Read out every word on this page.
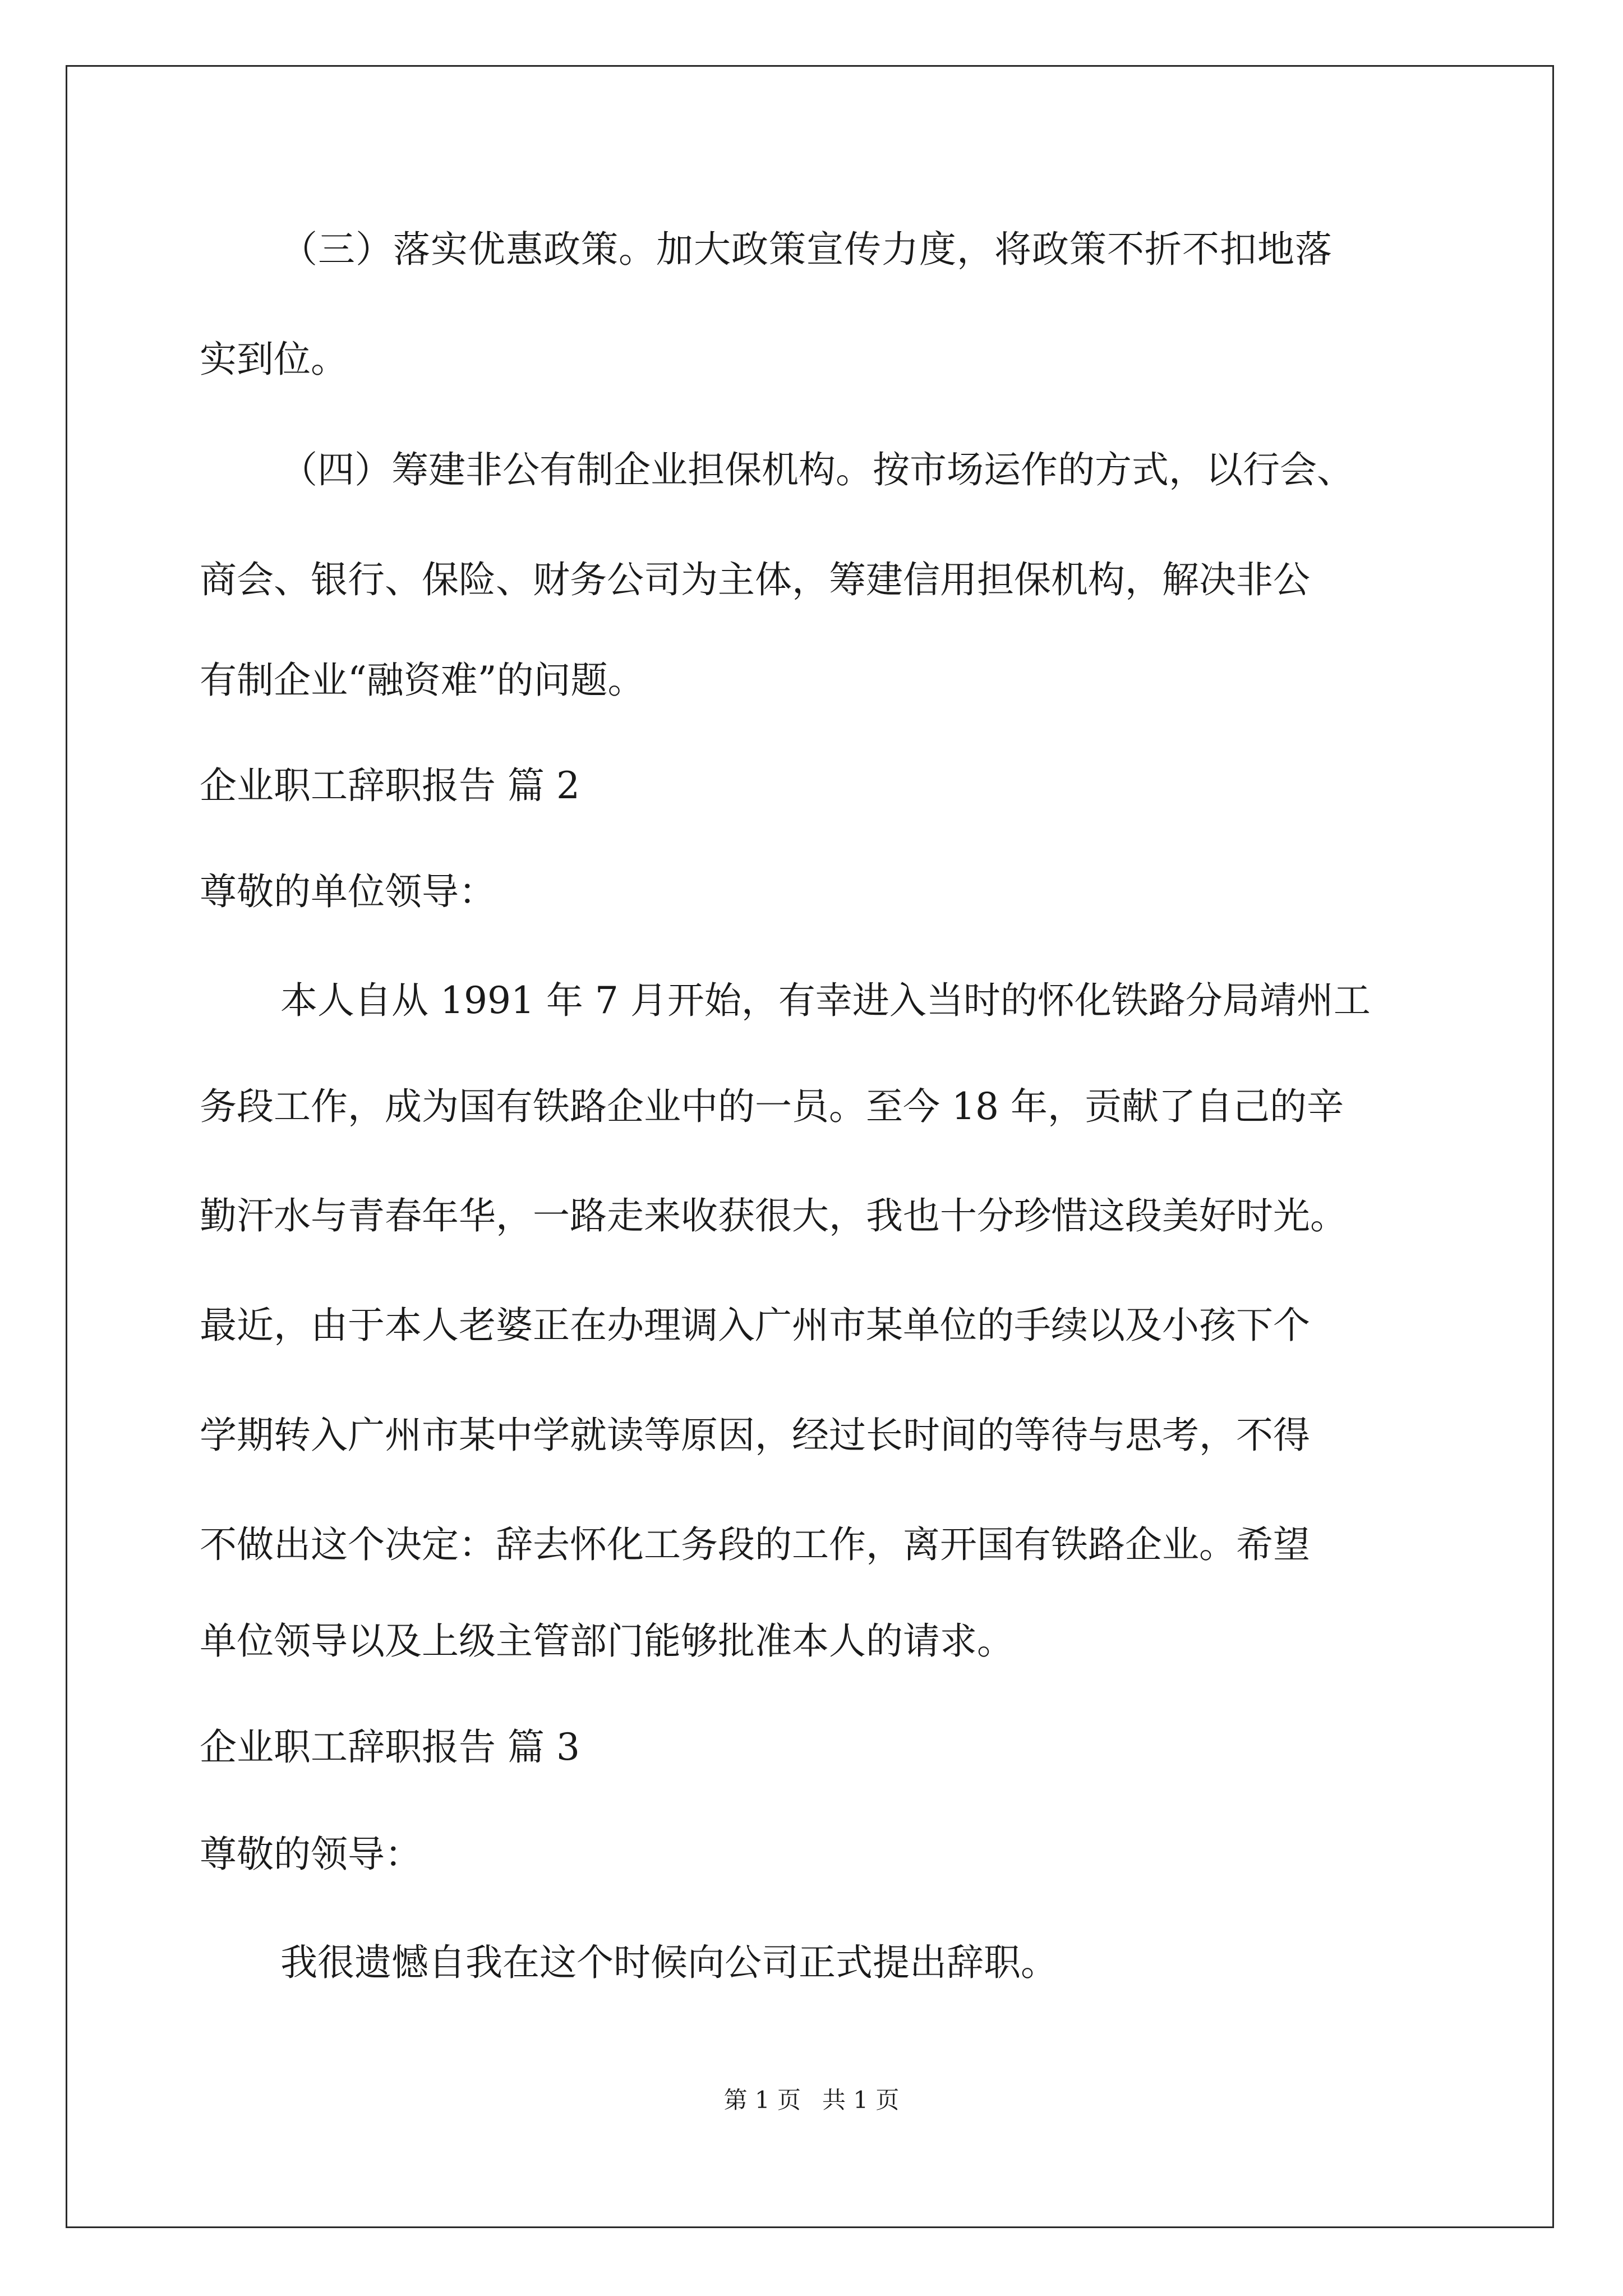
（三）落实优惠政策。加大政策宣传力度，将政策不折不扣地落
实到位。
（四）筹建非公有制企业担保机构。按市场运作的方式，以行会、
商会、银行、保险、财务公司为主体，筹建信用担保机构，解决非公
有制企业“融资难”的问题。
企业职工辞职报告 篇 2
尊敬的单位领导：
本人自从 1991 年 7 月开始，有幸进入当时的怀化铁路分局靖州工
务段工作，成为国有铁路企业中的一员。至今 18 年，贡献了自己的辛
勤汗水与青春年华，一路走来收获很大，我也十分珍惜这段美好时光。
最近，由于本人老婆正在办理调入广州市某单位的手续以及小孩下个
学期转入广州市某中学就读等原因，经过长时间的等待与思考，不得
不做出这个决定：辞去怀化工务段的工作，离开国有铁路企业。希望
单位领导以及上级主管部门能够批准本人的请求。
企业职工辞职报告 篇 3
尊敬的领导：
我很遗憾自我在这个时候向公司正式提出辞职。
第 1 页 共 1 页
